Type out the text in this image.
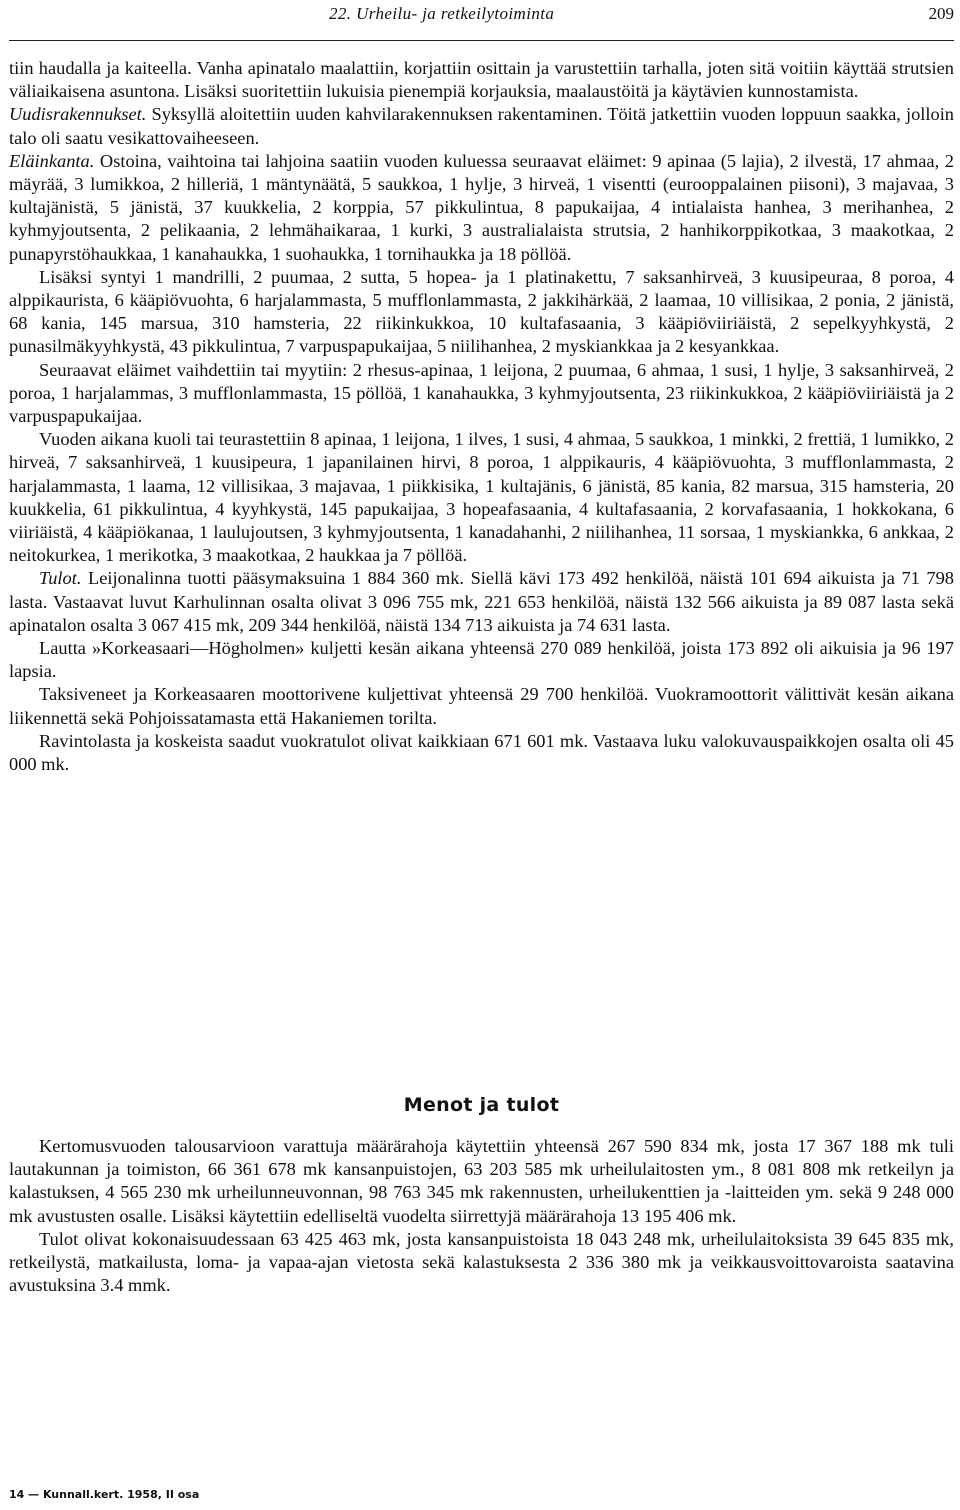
22. Urheilu- ja retkeilytoiminta	209

tiin haudalla ja kaiteella. Vanha apinatalo maalattiin, korjattiin osittain ja varustettiin tarhalla, joten sitä voitiin käyttää strutsien väliaikaisena asuntona. Lisäksi suoritettiin lukuisia pienempiä korjauksia, maalaustöitä ja käytävien kunnostamista.

Uudisrakennukset. Syksyllä aloitettiin uuden kahvilarakennuksen rakentaminen. Töitä jatkettiin vuoden loppuun saakka, jolloin talo oli saatu vesikattovaiheeseen.

Eläinkanta. Ostoina, vaihtoina tai lahjoina saatiin vuoden kuluessa seuraavat eläimet: 9 apinaa (5 lajia), 2 ilvestä, 17 ahmaa, 2 mäyrää, 3 lumikkoa, 2 hilleriä, 1 mäntynäätä, 5 saukkoa, 1 hylje, 3 hirveä, 1 visentti (eurooppalainen piisoni), 3 majavaa, 3 kultajänistä, 5 jänistä, 37 kuukkelia, 2 korppia, 57 pikkulintua, 8 papukaijaa, 4 intialaista hanhea, 3 merihanhea, 2 kyhmyjoutsenta, 2 pelikaania, 2 lehmähaikaraa, 1 kurki, 3 australialaista strutsia, 2 hanhikorppikotkaa, 3 maakotkaa, 2 punapyrstöhaukkaa, 1 kanahaukka, 1 suohaukka, 1 tornihaukka ja 18 pöllöä.

Lisäksi syntyi 1 mandrilli, 2 puumaa, 2 sutta, 5 hopea- ja 1 platinakettu, 7 saksanhirveä, 3 kuusipeuraa, 8 poroa, 4 alppikauristа, 6 kääpiövuohta, 6 harjalammasta, 5 mufflonlammasta, 2 jakkihärkää, 2 laamaa, 10 villisikaa, 2 ponia, 2 jänistä, 68 kania, 145 marsua, 310 hamsteria, 22 riikinkukkoa, 10 kultafasaania, 3 kääpiöviiriäistä, 2 sepelkyyhkystä, 2 punasilmäkyyhkystä, 43 pikkulintua, 7 varpuspapukaijaa, 5 niilihanhea, 2 myskiankkaa ja 2 kesyankkaa.

Seuraavat eläimet vaihdettiin tai myytiin: 2 rhesus-apinaa, 1 leijona, 2 puumaa, 6 ahmaa, 1 susi, 1 hylje, 3 saksanhirveä, 2 poroa, 1 harjalammas, 3 mufflonlammasta, 15 pöllöä, 1 kanahaukka, 3 kyhmyjoutsenta, 23 riikinkukkoa, 2 kääpiöviiriäistä ja 2 varpuspapukaijaa.

Vuoden aikana kuoli tai teurastettiin 8 apinaa, 1 leijona, 1 ilves, 1 susi, 4 ahmaa, 5 saukkoa, 1 minkki, 2 frettiä, 1 lumikko, 2 hirveä, 7 saksanhirveä, 1 kuusipeura, 1 japanilainen hirvi, 8 poroa, 1 alppikauris, 4 kääpiövuohta, 3 mufflonlammasta, 2 harjalammasta, 1 laama, 12 villisikaa, 3 majavaa, 1 piikkisika, 1 kultajänis, 6 jänistä, 85 kania, 82 marsua, 315 hamsteria, 20 kuukkelia, 61 pikkulintua, 4 kyyhkystä, 145 papukaijaa, 3 hopeafasaania, 4 kultafasaania, 2 korvafasaania, 1 hokkokana, 6 viiriäistä, 4 kääpiökanaa, 1 laulujoutsen, 3 kyhmyjoutsenta, 1 kanadahanhi, 2 niilihanhea, 11 sorsaa, 1 myskiankka, 6 ankkaa, 2 neitokurkea, 1 merikotka, 3 maakotkaa, 2 haukkaa ja 7 pöllöä.

Tulot. Leijonalinna tuotti pääsymaksuina 1 884 360 mk. Siellä kävi 173 492 henkilöä, näistä 101 694 aikuista ja 71 798 lasta. Vastaavat luvut Karhulinnan osalta olivat 3 096 755 mk, 221 653 henkilöä, näistä 132 566 aikuista ja 89 087 lasta sekä apinatalon osalta 3 067 415 mk, 209 344 henkilöä, näistä 134 713 aikuista ja 74 631 lasta.

Lautta »Korkeasaari—Högholmen» kuljetti kesän aikana yhteensä 270 089 henkilöä, joista 173 892 oli aikuisia ja 96 197 lapsia.

Taksiveneet ja Korkeasaaren moottorivene kuljettivat yhteensä 29 700 henkilöä. Vuokramoottorit välittivät kesän aikana liikennettä sekä Pohjoissatamasta että Hakaniemen torilta.

Ravintolasta ja koskeista saadut vuokratulot olivat kaikkiaan 671 601 mk. Vastaava luku valokuvauspaikkojen osalta oli 45 000 mk.

Menot ja tulot

Kertomusvuoden talousarvioon varattuja määrärahoja käytettiin yhteensä 267 590 834 mk, josta 17 367 188 mk tuli lautakunnan ja toimiston, 66 361 678 mk kansanpuistojen, 63 203 585 mk urheilulaitosten ym., 8 081 808 mk retkeilyn ja kalastuksen, 4 565 230 mk urheilunneuvonnan, 98 763 345 mk rakennusten, urheilukenttien ja -laitteiden ym. sekä 9 248 000 mk avustusten osalle. Lisäksi käytettiin edelliseltä vuodelta siirrettyjä määrärahoja 13 195 406 mk.

Tulot olivat kokonaisuudessaan 63 425 463 mk, josta kansanpuistoista 18 043 248 mk, urheilulaitoksista 39 645 835 mk, retkeilystä, matkailusta, loma- ja vapaa-ajan vietosta sekä kalastuksesta 2 336 380 mk ja veikkausvoittovaroista saatavina avustuksina 3.4 mmk.

14 — Kunnall.kert. 1958, II osa
